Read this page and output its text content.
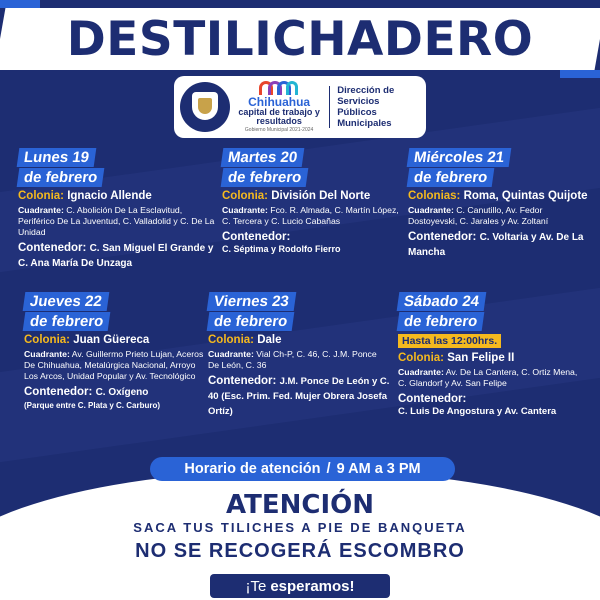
DESTILICHADERO
Chihuahua
capital de trabajo y resultados
Gobierno Municipal 2021-2024
Dirección de
Servicios Públicos
Municipales
Lunes 19
de febrero
Colonia: Ignacio Allende
Cuadrante: C. Abolición De La Esclavitud, Periférico De La Juventud, C. Valladolid y C. De La Unidad
Contenedor: C. San Miguel El Grande y C. Ana María De Unzaga
Martes 20
de febrero
Colonia: División Del Norte
Cuadrante: Fco. R. Almada, C. Martín López, C. Tercera y C. Lucio Cabañas
Contenedor:
C. Séptima y Rodolfo Fierro
Miércoles 21
de febrero
Colonias: Roma, Quintas Quijote
Cuadrante: C. Canutillo, Av. Fedor Dostoyevski, C. Jarales y Av. Zoltaní
Contenedor: C. Voltaria y Av. De La Mancha
Jueves 22
de febrero
Colonia: Juan Güereca
Cuadrante: Av. Guillermo Prieto Lujan, Aceros De Chihuahua, Metalúrgica Nacional, Arroyo Los Arcos, Unidad Popular y Av. Tecnológico
Contenedor: C. Oxígeno
(Parque entre C. Plata y C. Carburo)
Viernes 23
de febrero
Colonia: Dale
Cuadrante: Vial Ch-P, C. 46, C. J.M. Ponce De León, C. 36
Contenedor: J.M. Ponce De León y C. 40 (Esc. Prim. Fed. Mujer Obrera Josefa Ortíz)
Sábado 24
de febrero
Hasta las 12:00hrs.
Colonia: San Felipe II
Cuadrante: Av. De La Cantera, C. Ortiz Mena, C. Glandorf y Av. San Felipe
Contenedor:
C. Luis De Angostura y Av. Cantera
Horario de atención / 9 AM a 3 PM
ATENCIÓN
SACA TUS TILICHES A PIE DE BANQUETA
NO SE RECOGERÁ ESCOMBRO
¡Te esperamos!
